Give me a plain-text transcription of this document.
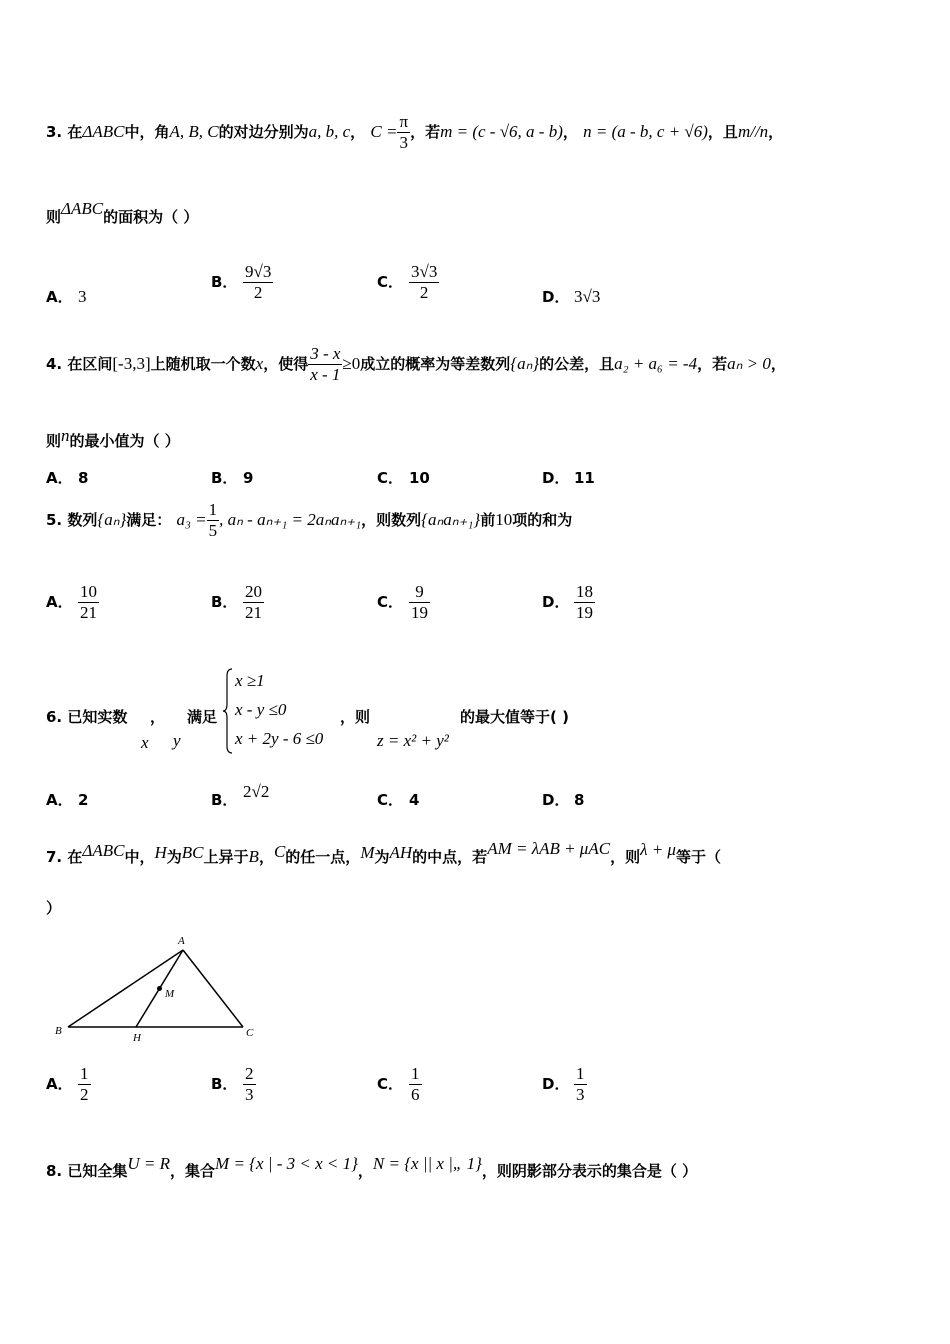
3. 在ΔABC中，角A, B, C的对边分别为a, b, c， $C = \frac{\pi}{3}$ ，若m = (c - √6, a - b)， n = (a - b, c + √6)，且m//n，
则ΔABC的面积为（ ）
A． 3
B． $\frac{9√3}{2}$	C． $\frac{3√3}{2}$	D． 3√3
4. 在区间[-3,3]上随机取一个数x，使得 $\frac{3 - x}{x - 1} \ge 0$成立的概率为等差数列{aₙ}的公差，且a₂ + a₆ = -4，若aₙ > 0，
则n的最小值为（ ）
A． 8	B． 9	C． 10	D． 11
5. 数列{aₙ}满足： $a_3 = \frac{1}{5}$ , aₙ - aₙ₊₁ = 2aₙaₙ₊₁，则数列{aₙaₙ₊₁}前10项的和为
A． $\frac{10}{21}$	B． $\frac{20}{21}$	C． $\frac{9}{19}$	D． $\frac{18}{19}$
6. 已知实数 ， 满足	，则	的最大值等于( )
x y
x ≥1
x - y ≤0
x + 2y - 6 ≤0	z = x² + y²
A． 2	B． 2√2	C． 4	D． 8
7. 在ΔABC中，H为BC上异于B，C的任一点，M为AH的中点，若AM = λAB + μAC，则λ + μ等于（
）
A
B	C
H
M
A． $\frac{1}{2}$	B． $\frac{2}{3}$	C． $\frac{1}{6}$	D． $\frac{1}{3}$
8. 已知全集U = R，集合M = {x | - 3 < x < 1}，N = {x || x |„ 1}，则阴影部分表示的集合是（ ）
